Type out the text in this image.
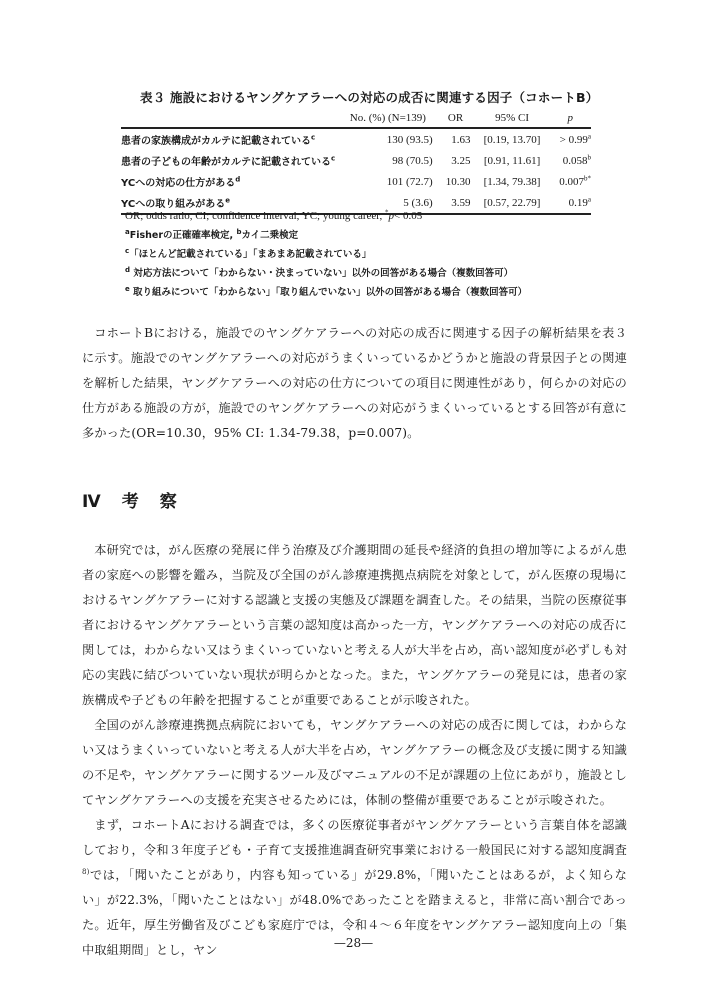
表３ 施設におけるヤングケアラーへの対応の成否に関連する因子（コホートB）
	No. (%) (N=139)	OR	95% CI	p
患者の家族構成がカルテに記載されている$^c$	130 (93.5)	1.63	[0.19, 13.70]	> 0.99$^a$
患者の子どもの年齢がカルテに記載されている$^c$	98 (70.5)	3.25	[0.91, 11.61]	0.058$^b$
YCへの対応の仕方がある$^d$	101 (72.7)	10.30	[1.34, 79.38]	$0.007^{b*}$
YCへの取り組みがある$^e$	5 (3.6)	3.59	[0.57, 22.79]	0.19$^a$
OR; odds ratio, CI; confidence interval, YC; young career, *p< 0.05
$^a$Fisherの正確確率検定, $^b$カイ二乗検定
$^c$「ほとんど記載されている」「まあまあ記載されている」
$^d$ 対応方法について「わからない・決まっていない」以外の回答がある場合（複数回答可）
$^e$ 取り組みについて「わからない」「取り組んでいない」以外の回答がある場合（複数回答可）

コホートBにおける，施設でのヤングケアラーへの対応の成否に関連する因子の解析結果を表３に示す。施設でのヤングケアラーへの対応がうまくいっているかどうかと施設の背景因子との関連を解析した結果，ヤングケアラーへの対応の仕方についての項目に関連性があり，何らかの対応の仕方がある施設の方が，施設でのヤングケアラーへの対応がうまくいっているとする回答が有意に多かった(OR=10.30，95% CI: 1.34-79.38，p=0.007)。

Ⅳ 考 察

本研究では，がん医療の発展に伴う治療及び介護期間の延長や経済的負担の増加等によるがん患者の家庭への影響を鑑み，当院及び全国のがん診療連携拠点病院を対象として，がん医療の現場におけるヤングケアラーに対する認識と支援の実態及び課題を調査した。その結果，当院の医療従事者におけるヤングケアラーという言葉の認知度は高かった一方，ヤングケアラーへの対応の成否に関しては，わからない又はうまくいっていないと考える人が大半を占め，高い認知度が必ずしも対応の実践に結びついていない現状が明らかとなった。また，ヤングケアラーの発見には，患者の家族構成や子どもの年齢を把握することが重要であることが示唆された。

全国のがん診療連携拠点病院においても，ヤングケアラーへの対応の成否に関しては，わからない又はうまくいっていないと考える人が大半を占め，ヤングケアラーの概念及び支援に関する知識の不足や，ヤングケアラーに関するツール及びマニュアルの不足が課題の上位にあがり，施設としてヤングケアラーへの支援を充実させるためには，体制の整備が重要であることが示唆された。

まず，コホートAにおける調査では，多くの医療従事者がヤングケアラーという言葉自体を認識しており，令和３年度子ども・子育て支援推進調査研究事業における一般国民に対する認知度調査$^{8)}$では，「聞いたことがあり，内容も知っている」が29.8%，「聞いたことはあるが，よく知らない」が22.3%，「聞いたことはない」が48.0%であったことを踏まえると，非常に高い割合であった。近年，厚生労働省及びこども家庭庁では，令和４～６年度をヤングケアラー認知度向上の「集中取組期間」とし，ヤン	—28—
